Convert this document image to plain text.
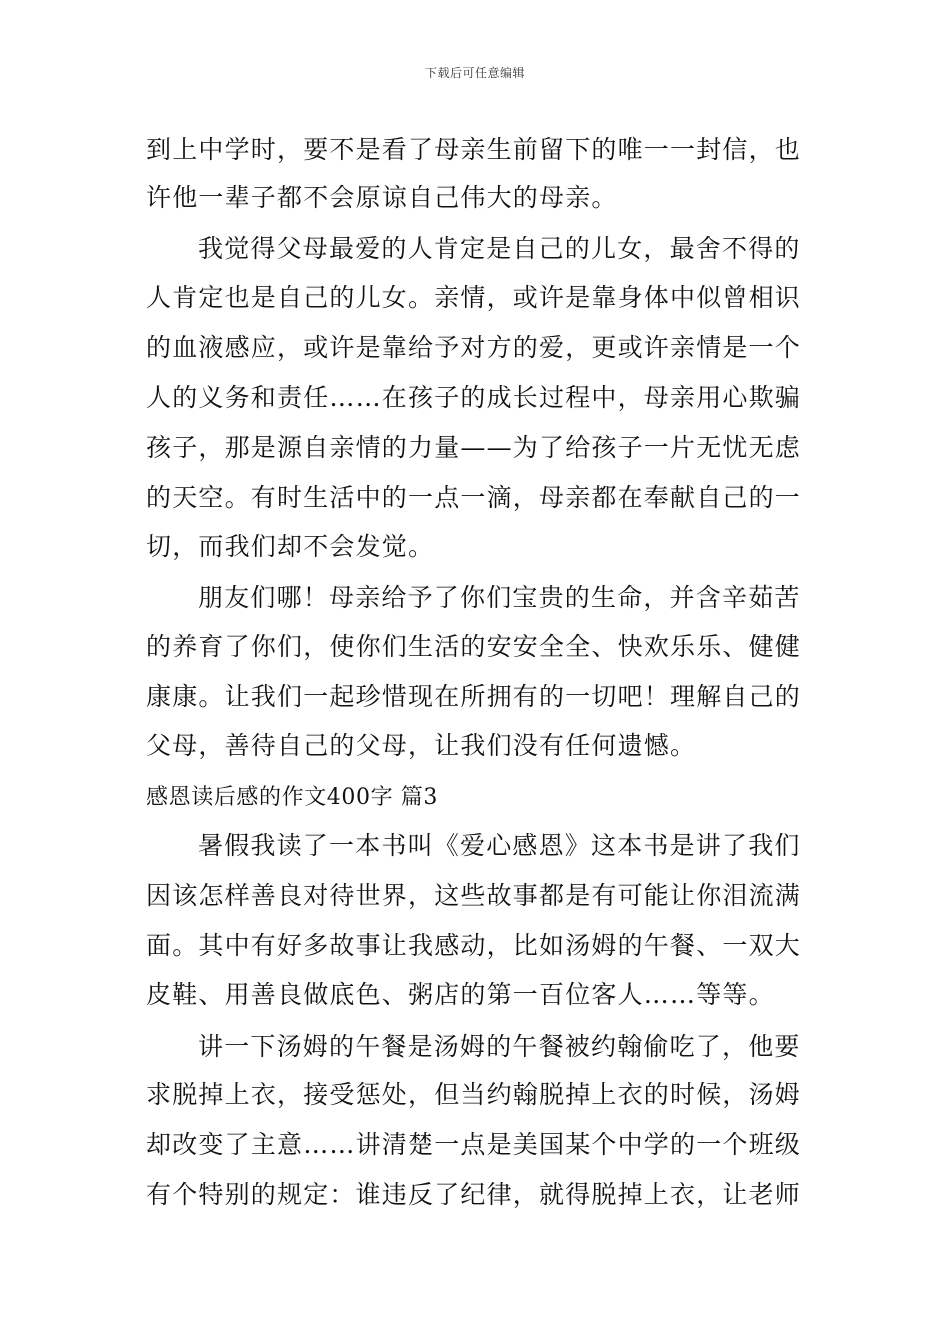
下载后可任意编辑
到上中学时，要不是看了母亲生前留下的唯一一封信，也
许他一辈子都不会原谅自己伟大的母亲。
我觉得父母最爱的人肯定是自己的儿女，最舍不得的
人肯定也是自己的儿女。亲情，或许是靠身体中似曾相识
的血液感应，或许是靠给予对方的爱，更或许亲情是一个
人的义务和责任……在孩子的成长过程中，母亲用心欺骗
孩子，那是源自亲情的力量——为了给孩子一片无忧无虑
的天空。有时生活中的一点一滴，母亲都在奉献自己的一
切，而我们却不会发觉。
朋友们哪！母亲给予了你们宝贵的生命，并含辛茹苦
的养育了你们，使你们生活的安安全全、快欢乐乐、健健
康康。让我们一起珍惜现在所拥有的一切吧！理解自己的
父母，善待自己的父母，让我们没有任何遗憾。
感恩读后感的作文400字 篇3
暑假我读了一本书叫《爱心感恩》这本书是讲了我们
因该怎样善良对待世界，这些故事都是有可能让你泪流满
面。其中有好多故事让我感动，比如汤姆的午餐、一双大
皮鞋、用善良做底色、粥店的第一百位客人……等等。
讲一下汤姆的午餐是汤姆的午餐被约翰偷吃了，他要
求脱掉上衣，接受惩处，但当约翰脱掉上衣的时候，汤姆
却改变了主意……讲清楚一点是美国某个中学的一个班级
有个特别的规定：谁违反了纪律，就得脱掉上衣，让老师
